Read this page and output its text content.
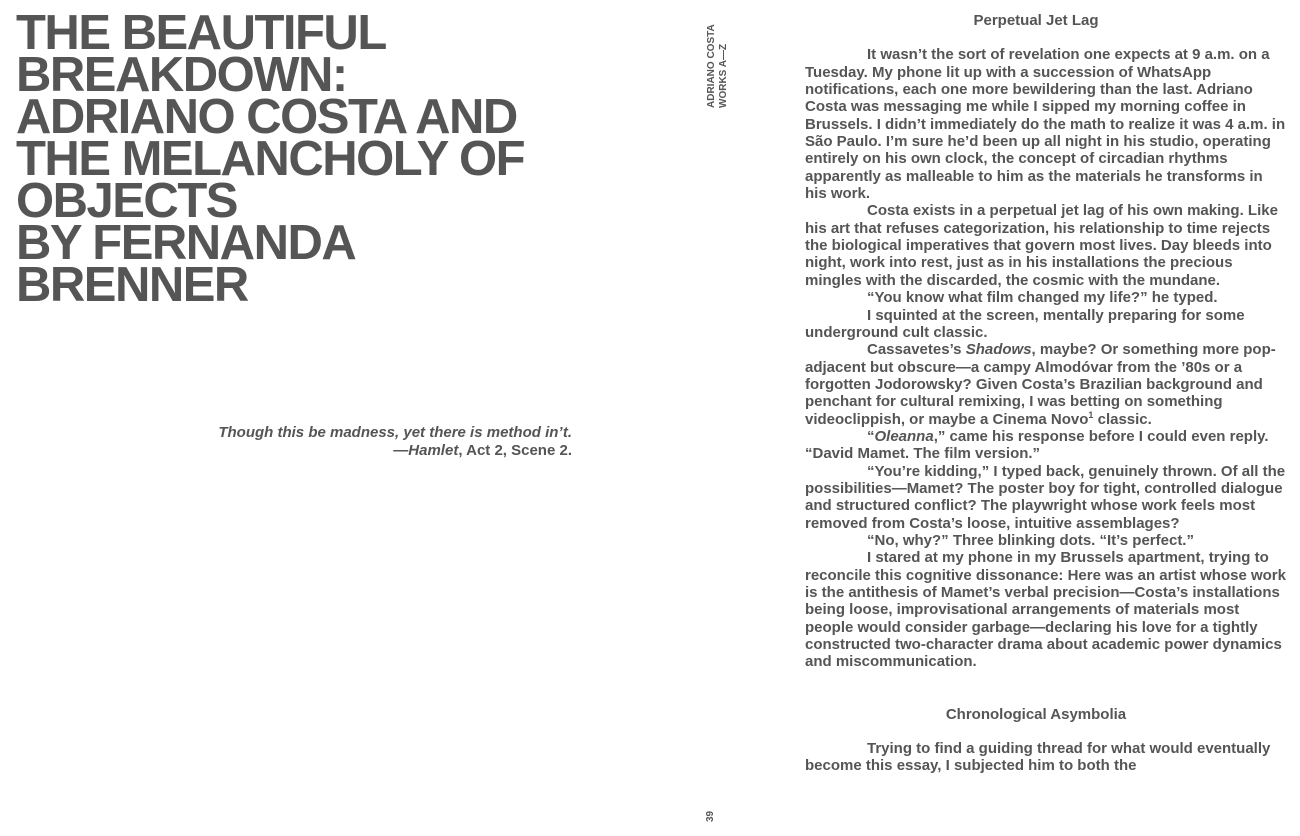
THE BEAUTIFUL
BREAKDOWN:
ADRIANO COSTA AND
THE MELANCHOLY OF
OBJECTS
BY FERNANDA
BRENNER
Though this be madness, yet there is method in’t.
—Hamlet, Act 2, Scene 2.
ADRIANO COSTA WORKS A—Z
39
Perpetual Jet Lag

It wasn’t the sort of revelation one expects at 9 a.m. on a Tuesday. My phone lit up with a succession of WhatsApp notifications, each one more bewildering than the last. Adriano Costa was messaging me while I sipped my morning coffee in Brussels. I didn’t immediately do the math to realize it was 4 a.m. in São Paulo. I’m sure he’d been up all night in his studio, operating entirely on his own clock, the concept of circadian rhythms apparently as malleable to him as the materials he transforms in his work.

Costa exists in a perpetual jet lag of his own making. Like his art that refuses categorization, his relationship to time rejects the biological imperatives that govern most lives. Day bleeds into night, work into rest, just as in his installations the precious mingles with the discarded, the cosmic with the mundane.

“You know what film changed my life?” he typed.

I squinted at the screen, mentally preparing for some underground cult classic.

Cassavetes’s Shadows, maybe? Or something more pop-adjacent but obscure—a campy Almodóvar from the ’80s or a forgotten Jodorowsky? Given Costa’s Brazilian background and penchant for cultural remixing, I was betting on something videoclippish, or maybe a Cinema Novo$^1$ classic.

“Oleanna,” came his response before I could even reply. “David Mamet. The film version.”

“You’re kidding,” I typed back, genuinely thrown. Of all the possibilities—Mamet? The poster boy for tight, controlled dialogue and structured conflict? The playwright whose work feels most removed from Costa’s loose, intuitive assemblages?

“No, why?” Three blinking dots. “It’s perfect.”

I stared at my phone in my Brussels apartment, trying to reconcile this cognitive dissonance: Here was an artist whose work is the antithesis of Mamet’s verbal precision—Costa’s installations being loose, improvisational arrangements of materials most people would consider garbage—declaring his love for a tightly constructed two-character drama about academic power dynamics and miscommunication.

Chronological Asymbolia

Trying to find a guiding thread for what would eventually become this essay, I subjected him to both the
